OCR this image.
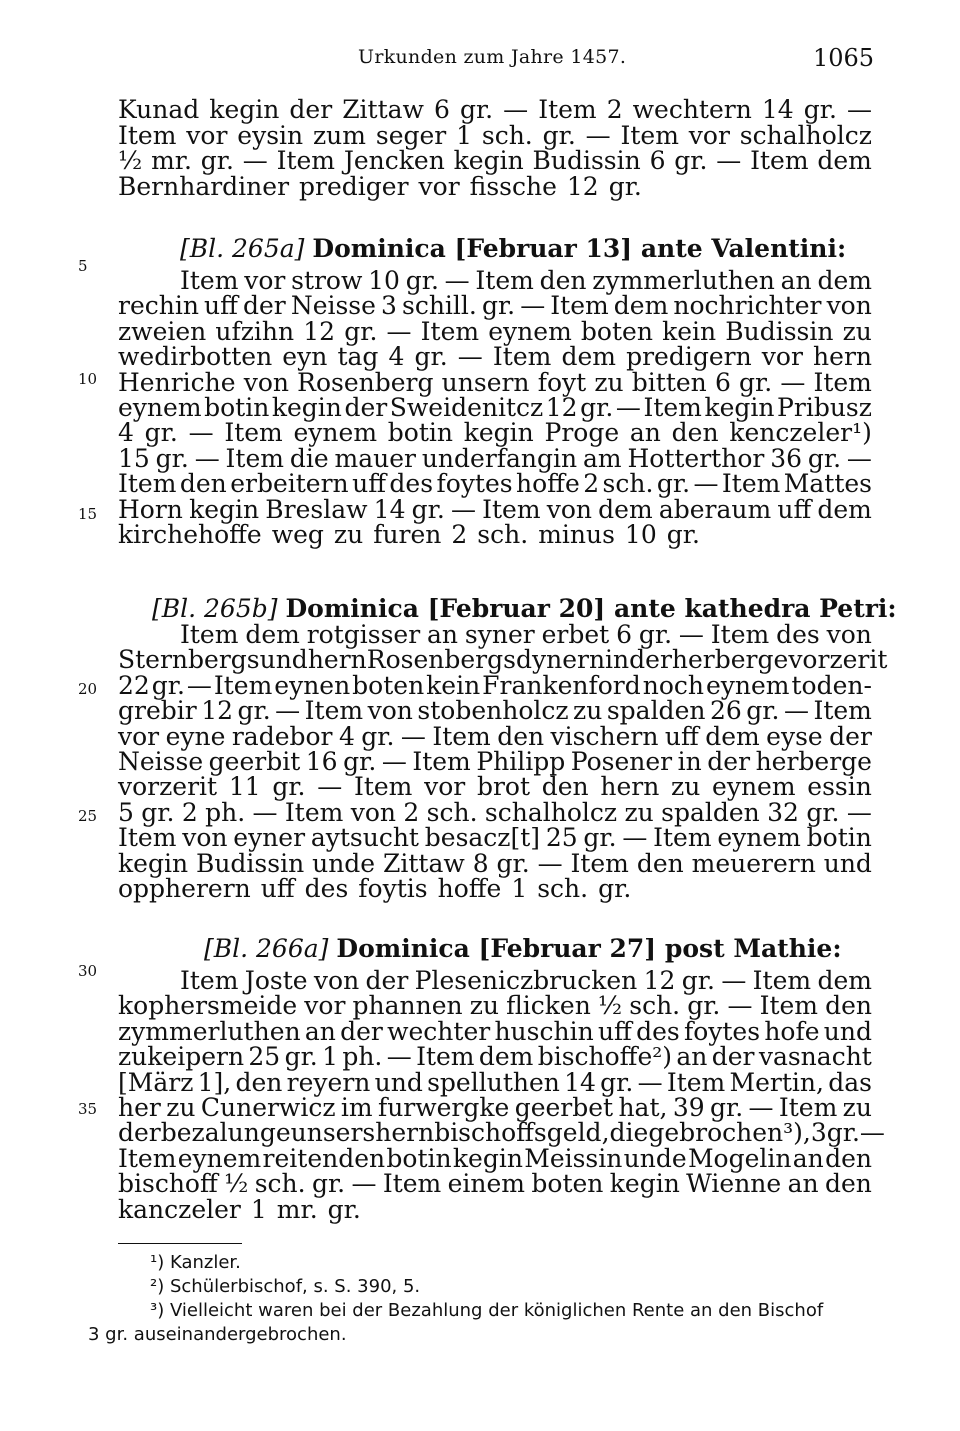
Urkunden zum Jahre 1457.	1065
Kunad kegin der Zittaw 6 gr. — Item 2 wechtern 14 gr. —
Item vor eysin zum seger 1 sch. gr. — Item vor schalholcz
½ mr. gr. — Item Jencken kegin Budissin 6 gr. — Item dem
Bernhardiner prediger vor fissche 12 gr.
[Bl. 265a] Dominica [Februar 13] ante Valentini:
Item vor strow 10 gr. — Item den zymmerluthen an dem
rechin uff der Neisse 3 schill. gr. — Item dem nochrichter von
zweien ufzihn 12 gr. — Item eynem boten kein Budissin zu
wedirbotten eyn tag 4 gr. — Item dem predigern vor hern
Henriche von Rosenberg unsern foyt zu bitten 6 gr. — Item
eynem botin kegin der Sweidenitcz 12 gr. — Item kegin Pribusz
4 gr. — Item eynem botin kegin Proge an den kenczeler¹)
15 gr. — Item die mauer underfangin am Hotterthor 36 gr. —
Item den erbeitern uff des foytes hoffe 2 sch. gr. — Item Mattes
Horn kegin Breslaw 14 gr. — Item von dem aberaum uff dem
kirchehoffe weg zu furen 2 sch. minus 10 gr.
[Bl. 265b] Dominica [Februar 20] ante kathedra Petri:
Item dem rotgisser an syner erbet 6 gr. — Item des von
Sternbergs und hern Rosenbergs dynern in der herberge vorzerit
22 gr. — Item eynen boten kein Frankenford noch eynem toden-
grebir 12 gr. — Item von stobenholcz zu spalden 26 gr. — Item
vor eyne radebor 4 gr. — Item den vischern uff dem eyse der
Neisse geerbit 16 gr. — Item Philipp Posener in der herberge
vorzerit 11 gr. — Item vor brot den hern zu eynem essin
5 gr. 2 ph. — Item von 2 sch. schalholcz zu spalden 32 gr. —
Item von eyner aytsucht besacz[t] 25 gr. — Item eynem botin
kegin Budissin unde Zittaw 8 gr. — Item den meuerern und
oppherern uff des foytis hoffe 1 sch. gr.
[Bl. 266a] Dominica [Februar 27] post Mathie:
Item Joste von der Pleseniczbrucken 12 gr. — Item dem
kophersmeide vor phannen zu flicken ½ sch. gr. — Item den
zymmerluthen an der wechter huschin uff des foytes hofe und
zukeipern 25 gr. 1 ph. — Item dem bischoffe²) an der vasnacht
[März 1], den reyern und spelluthen 14 gr. — Item Mertin, das
her zu Cunerwicz im furwergke geerbet hat, 39 gr. — Item zu
der bezalunge unsers hern bischoffs geld, die gebrochen³), 3 gr. —
Item eynem reitenden botin kegin Meissin unde Mogelin an den
bischoff ½ sch. gr. — Item einem boten kegin Wienne an den
kanczeler 1 mr. gr.
5
10
15
20
25
30
35
¹) Kanzler.
²) Schülerbischof, s. S. 390, 5.
³) Vielleicht waren bei der Bezahlung der königlichen Rente an den Bischof
3 gr. auseinandergebrochen.
